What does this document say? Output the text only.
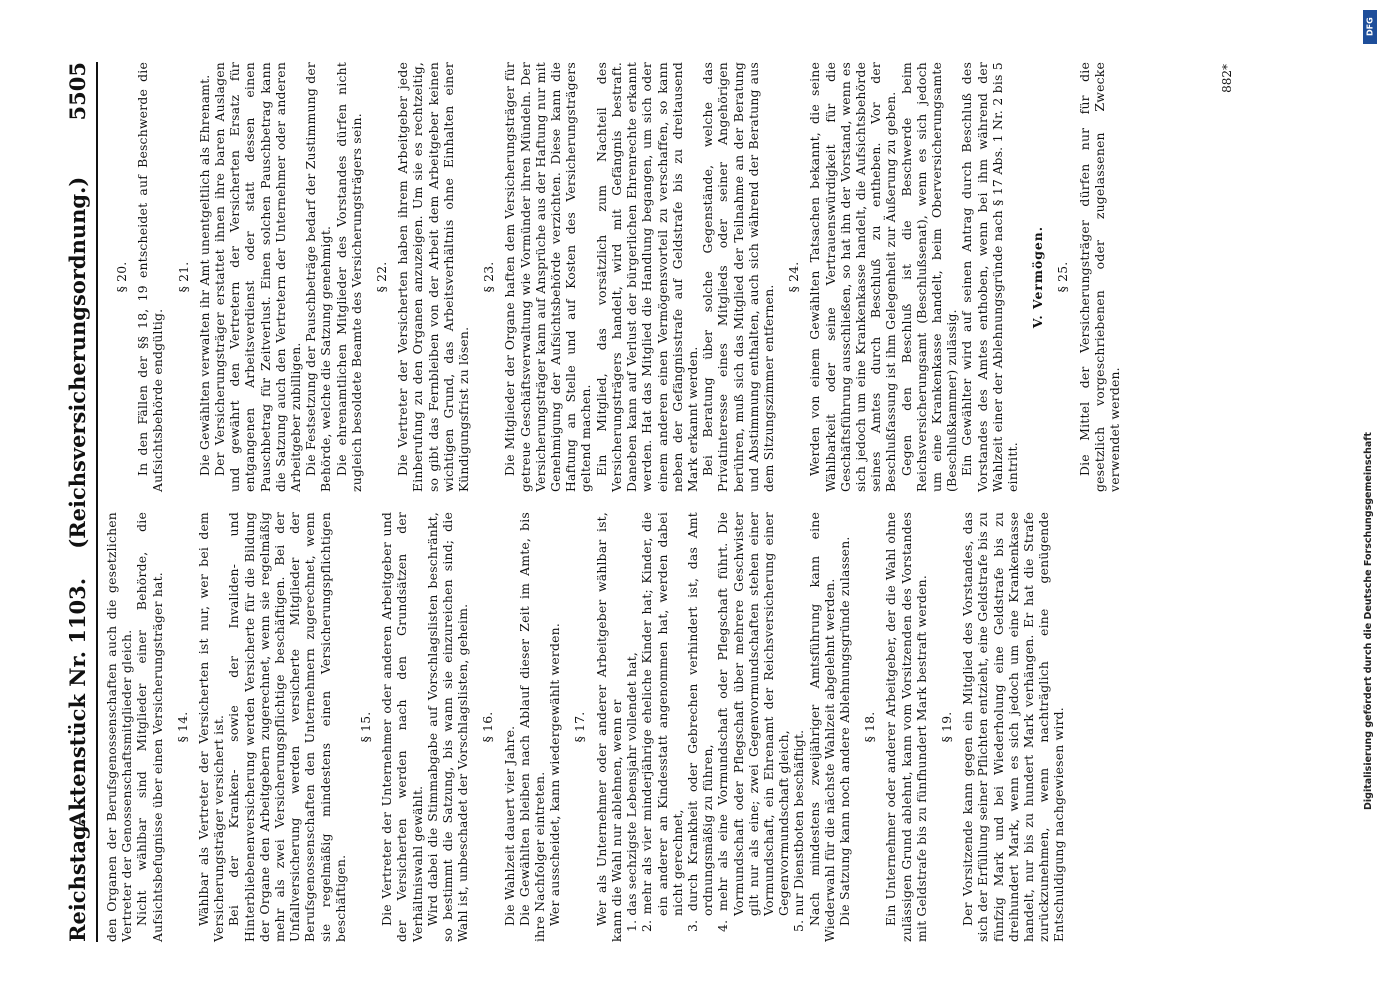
Reichstag.
Aktenstück Nr. 1103.    (Reichsversicherungsordnung.)
5505

den Organen der Berufsgenossenschaften auch die gesetzlichen Vertreter der Genossenschaftsmitglieder gleich. Nicht wählbar sind Mitglieder einer Behörde, die Aufsichtsbefugnisse über einen Versicherungsträger hat. § 14. Wählbar als Vertreter der Versicherten ist nur, wer bei dem Versicherungsträger versichert ist. Bei der Kranken- sowie der Invaliden- und Hinterbliebenenversicherung werden Versicherte für die Bildung der Organe den Arbeitgebern zugerechnet, wenn sie regelmäßig mehr als zwei Versicherungspflichtige beschäftigen. Bei der Unfallversicherung werden versicherte Mitglieder der Berufsgenossenschaften den Unternehmern zugerechnet, wenn sie regelmäßig mindestens einen Versicherungspflichtigen beschäftigen.

§ 15. Die Vertreter der Unternehmer oder anderen Arbeitgeber und der Versicherten werden nach den Grundsätzen der Verhältniswahl gewählt. Wird dabei die Stimmabgabe auf Vorschlagslisten beschränkt, so bestimmt die Satzung, bis wann sie einzureichen sind; die Wahl ist, unbeschadet der Vorschlagslisten, geheim. § 16. Die Wahlzeit dauert vier Jahre. Die Gewählten bleiben nach Ablauf dieser Zeit im Amte, bis ihre Nachfolger eintreten. Wer ausscheidet, kann wiedergewählt werden. § 17. Wer als Unternehmer oder anderer Arbeitgeber wählbar ist, kann die Wahl nur ablehnen, wenn er 1. das sechzigste Lebensjahr vollendet hat, 2. mehr als vier minderjährige eheliche Kinder hat; Kinder, die ein anderer an Kindesstatt angenommen hat, werden dabei nicht gerechnet, 3. durch Krankheit oder Gebrechen verhindert ist, das Amt ordnungsmäßig zu führen, 4. mehr als eine Vormundschaft oder Pflegschaft führt. Die Vormundschaft oder Pflegschaft über mehrere Geschwister gilt nur als eine; zwei Gegenvormundschaften stehen einer Vormundschaft, ein Ehrenamt der Reichsversicherung einer Gegenvormundschaft gleich, 5. nur Dienstboten beschäftigt. Nach mindestens zweijähriger Amtsführung kann eine Wiederwahl für die nächste Wahlzeit abgelehnt werden. Die Satzung kann noch andere Ablehnungsgründe zulassen. § 18. Ein Unternehmer oder anderer Arbeitgeber, der die Wahl ohne zulässigen Grund ablehnt, kann vom Vorsitzenden des Vorstandes mit Geldstrafe bis zu fünfhundert Mark bestraft werden. § 19. Der Vorsitzende kann gegen ein Mitglied des Vorstandes, das sich der Erfüllung seiner Pflichten entzieht, eine Geldstrafe bis zu fünfzig Mark und bei Wiederholung eine Geldstrafe bis zu dreihundert Mark, wenn es sich jedoch um eine Krankenkasse handelt, nur bis zu hundert Mark verhängen. Er hat die Strafe zurückzunehmen, wenn nachträglich eine genügende Entschuldigung nachgewiesen wird.

§ 20. In den Fällen der §§ 18, 19 entscheidet auf Beschwerde die Aufsichtsbehörde endgültig.

§ 21. Die Gewählten verwalten ihr Amt unentgeltlich als Ehrenamt. Der Versicherungsträger erstattet ihnen ihre baren Auslagen und gewährt den Vertretern der Versicherten Ersatz für entgangenen Arbeitsverdienst oder statt dessen einen Pauschbetrag für Zeitverlust. Einen solchen Pauschbetrag kann die Satzung auch den Vertretern der Unternehmer oder anderen Arbeitgeber zubilligen. Die Festsetzung der Pauschbeträge bedarf der Zustimmung der Behörde, welche die Satzung genehmigt. Die ehrenamtlichen Mitglieder des Vorstandes dürfen nicht zugleich besoldete Beamte des Versicherungsträgers sein. § 22. Die Vertreter der Versicherten haben ihrem Arbeitgeber jede Einberufung zu den Organen anzuzeigen. Um sie es rechtzeitig, so gibt das Fernbleiben von der Arbeit dem Arbeitgeber keinen wichtigen Grund, das Arbeitsverhältnis ohne Einhalten einer Kündigungsfrist zu lösen.

§ 23. Die Mitglieder der Organe haften dem Versicherungsträger für getreue Geschäftsverwaltung wie Vormünder ihren Mündeln. Der Versicherungsträger kann auf Ansprüche aus der Haftung nur mit Genehmigung der Aufsichtsbehörde verzichten. Diese kann die Haftung an Stelle und auf Kosten des Versicherungsträgers geltend machen. Ein Mitglied, das vorsätzlich zum Nachteil des Versicherungsträgers handelt, wird mit Gefängnis bestraft. Daneben kann auf Verlust der bürgerlichen Ehrenrechte erkannt werden. Hat das Mitglied die Handlung begangen, um sich oder einem anderen einen Vermögensvorteil zu verschaffen, so kann neben der Gefängnisstrafe auf Geldstrafe bis zu dreitausend Mark erkannt werden. Bei Beratung über solche Gegenstände, welche das Privatinteresse eines Mitglieds oder seiner Angehörigen berühren, muß sich das Mitglied der Teilnahme an der Beratung und Abstimmung enthalten, auch sich während der Beratung aus dem Sitzungszimmer entfernen.

§ 24. Werden von einem Gewählten Tatsachen bekannt, die seine Wählbarkeit oder seine Vertrauenswürdigkeit für die Geschäftsführung ausschließen, so hat ihn der Vorstand, wenn es sich jedoch um eine Krankenkasse handelt, die Aufsichtsbehörde seines Amtes durch Beschluß zu entheben. Vor der Beschlußfassung ist ihm Gelegenheit zur Äußerung zu geben. Gegen den Beschluß ist die Beschwerde beim Reichsversicherungsamt (Beschlußsenat), wenn es sich jedoch um eine Krankenkasse handelt, beim Oberversicherungsamte (Beschlußkammer) zulässig. Ein Gewählter wird auf seinen Antrag durch Beschluß des Vorstandes des Amtes enthoben, wenn bei ihm während der Wahlzeit einer der Ablehnungsgründe nach § 17 Abs. 1 Nr. 2 bis 5 eintritt.

V. Vermögen. § 25. Die Mittel der Versicherungsträger dürfen nur für die gesetzlich vorgeschriebenen oder zugelassenen Zwecke verwendet werden.

882*
DFG
Digitalisierung gefördert durch die Deutsche Forschungsgemeinschaft
